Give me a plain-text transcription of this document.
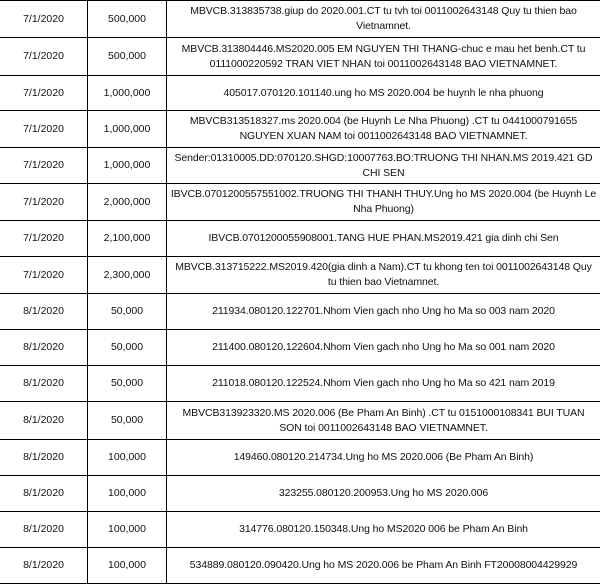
7/1/2020	500,000	MBVCB.313835738.giup do 2020.001.CT tu tvh toi 0011002643148 Quy tu thien bao Vietnamnet.
7/1/2020	500,000	MBVCB.313804446.MS2020.005 EM NGUYEN THI THANG-chuc e mau het benh.CT tu 0111000220592 TRAN VIET NHAN toi 0011002643148 BAO VIETNAMNET.
7/1/2020	1,000,000	405017.070120.101140.ung ho MS 2020.004 be huynh le nha phuong
7/1/2020	1,000,000	MBVCB313518327.ms 2020.004 (be Huynh Le Nha Phuong) .CT tu 0441000791655 NGUYEN XUAN NAM toi 0011002643148 BAO VIETNAMNET.
7/1/2020	1,000,000	Sender:01310005.DD:070120.SHGD:10007763.BO:TRUONG THI NHAN.MS 2019.421 GD CHI SEN
7/1/2020	2,000,000	IBVCB.0701200557551002.TRUONG THI THANH THUY.Ung ho MS 2020.004 (be Huynh Le Nha Phuong)
7/1/2020	2,100,000	IBVCB.0701200055908001.TANG HUE PHAN.MS2019.421 gia dinh chi Sen
7/1/2020	2,300,000	MBVCB.313715222.MS2019.420(gia dinh a Nam).CT tu khong ten toi 0011002643148 Quy tu thien bao Vietnamnet.
8/1/2020	50,000	211934.080120.122701.Nhom Vien gach nho Ung ho Ma so 003 nam 2020
8/1/2020	50,000	211400.080120.122604.Nhom Vien gach nho Ung ho Ma so 001 nam 2020
8/1/2020	50,000	211018.080120.122524.Nhom Vien gach nho Ung ho Ma so 421 nam 2019
8/1/2020	50,000	MBVCB313923320.MS 2020.006 (Be Pham An Binh) .CT tu 0151000108341 BUI TUAN SON toi 0011002643148 BAO VIETNAMNET.
8/1/2020	100,000	149460.080120.214734.Ung ho MS 2020.006 (Be Pham An Binh)
8/1/2020	100,000	323255.080120.200953.Ung ho MS 2020.006
8/1/2020	100,000	314776.080120.150348.Ung ho MS2020 006 be Pham An Binh
8/1/2020	100,000	534889.080120.090420.Ung ho MS 2020.006 be Pham An Binh FT20008004429929
